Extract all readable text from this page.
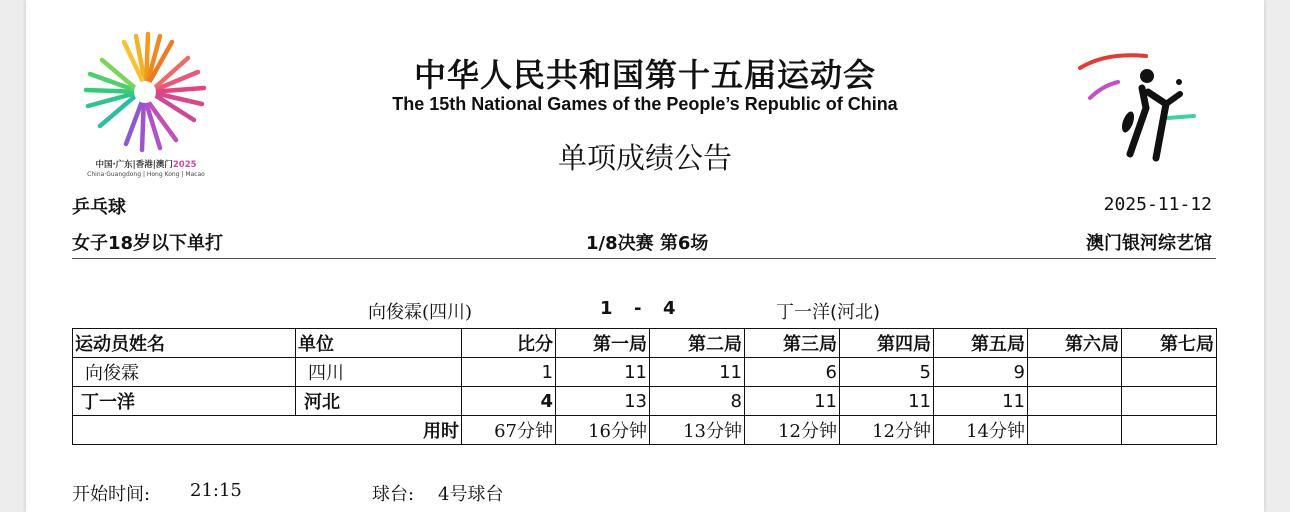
中国·广东|香港|澳门2025
China·Guangdong | Hong Kong | Macao
中华人民共和国第十五届运动会
The 15th National Games of the People’s Republic of China
单项成绩公告
乒乓球	2025-11-12
女子18岁以下单打	1/8决赛 第6场	澳门银河综艺馆
向俊霖(四川)	1 - 4	丁一洋(河北)
运动员姓名	单位	比分	第一局	第二局	第三局	第四局	第五局	第六局	第七局
向俊霖	四川	1	11	11	6	5	9		
丁一洋	河北	4	13	8	11	11	11		
用时		67分钟	16分钟	13分钟	12分钟	12分钟	14分钟		
开始时间: 21:15	球台: 4号球台
